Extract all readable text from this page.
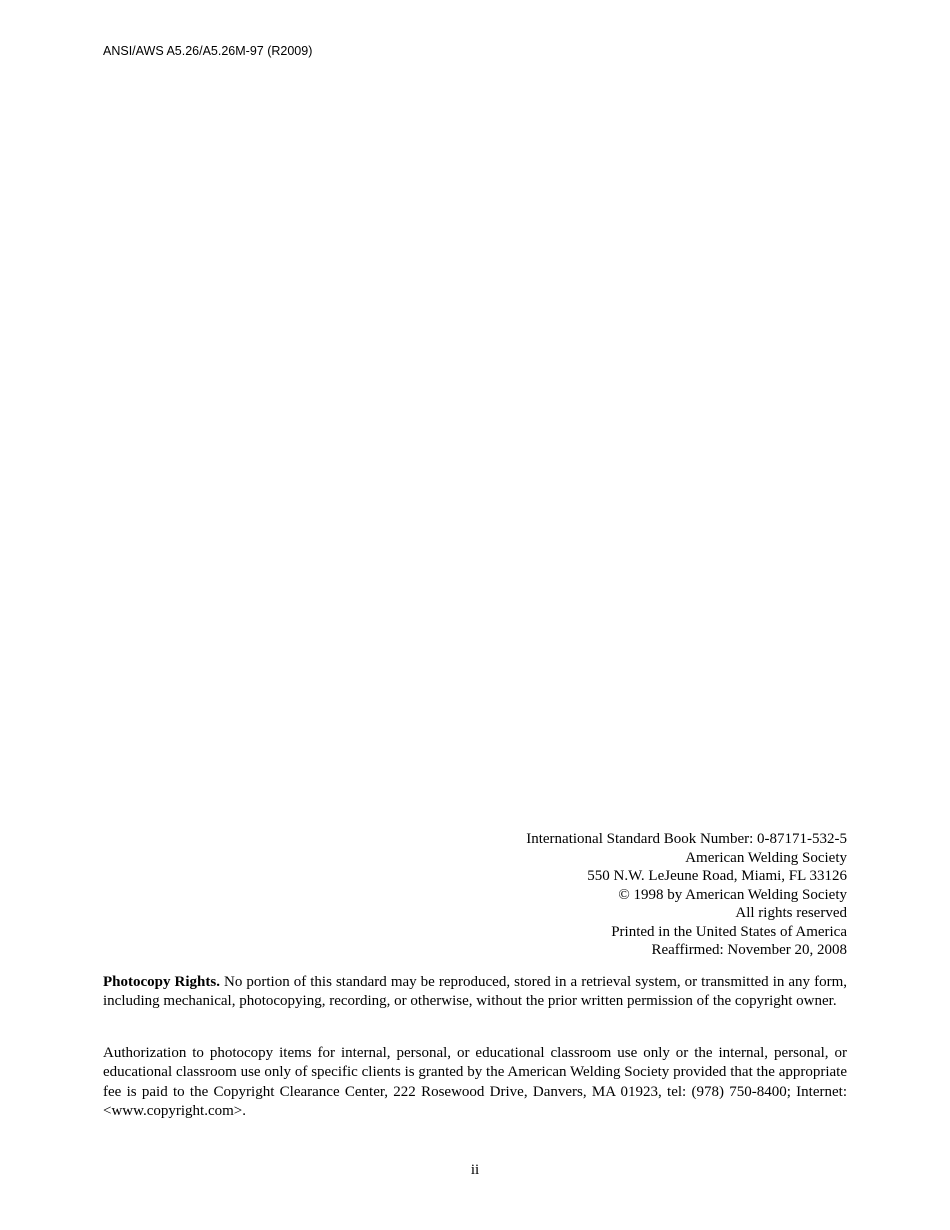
ANSI/AWS A5.26/A5.26M-97 (R2009)
International Standard Book Number: 0-87171-532-5
American Welding Society
550 N.W. LeJeune Road, Miami, FL 33126
© 1998 by American Welding Society
All rights reserved
Printed in the United States of America
Reaffirmed: November 20, 2008

Photocopy Rights. No portion of this standard may be reproduced, stored in a retrieval system, or transmitted in any form, including mechanical, photocopying, recording, or otherwise, without the prior written permission of the copyright owner.

Authorization to photocopy items for internal, personal, or educational classroom use only or the internal, personal, or educational classroom use only of specific clients is granted by the American Welding Society provided that the appropriate fee is paid to the Copyright Clearance Center, 222 Rosewood Drive, Danvers, MA 01923, tel: (978) 750-8400; Internet: <www.copyright.com>.

ii
